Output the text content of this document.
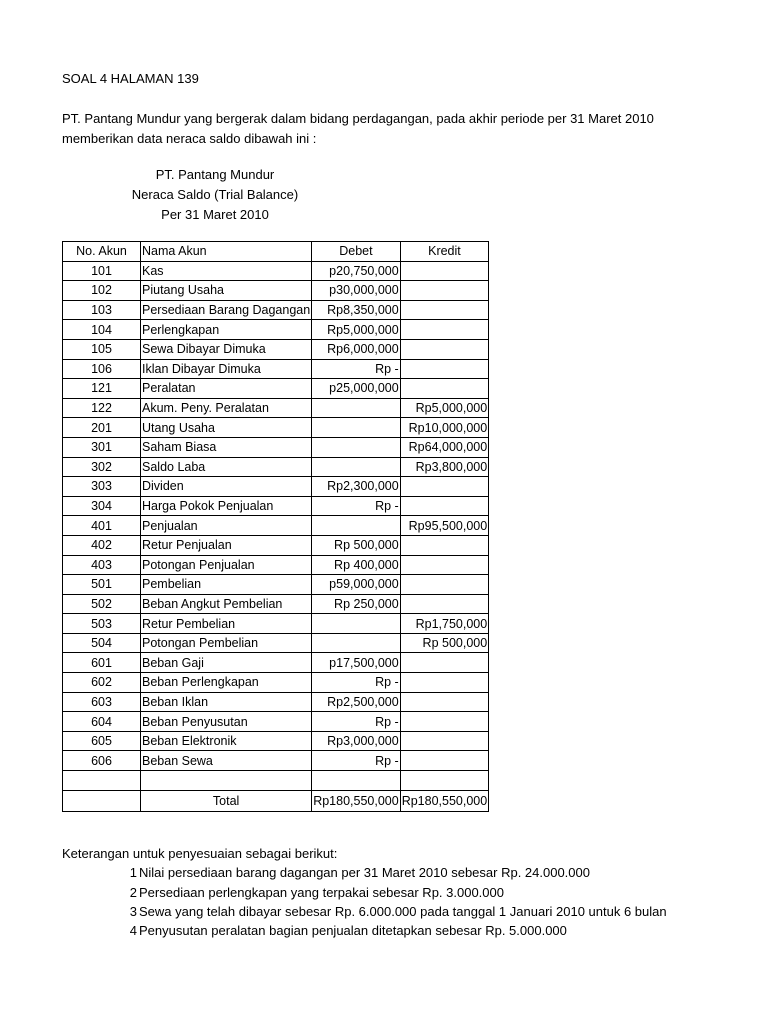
SOAL 4 HALAMAN 139
PT. Pantang Mundur yang bergerak dalam bidang perdagangan, pada akhir periode per 31 Maret 2010
memberikan data neraca saldo dibawah ini :
PT. Pantang Mundur
Neraca Saldo (Trial Balance)
Per 31 Maret 2010
No. Akun	Nama Akun	Debet	Kredit
101	Kas	p20,750,000	
102	Piutang Usaha	p30,000,000	
103	Persediaan Barang Dagangan	Rp8,350,000	
104	Perlengkapan	Rp5,000,000	
105	Sewa Dibayar Dimuka	Rp6,000,000	
106	Iklan Dibayar Dimuka	Rp -	
121	Peralatan	p25,000,000	
122	Akum. Peny. Peralatan		Rp5,000,000
201	Utang Usaha		Rp10,000,000
301	Saham Biasa		Rp64,000,000
302	Saldo Laba		Rp3,800,000
303	Dividen	Rp2,300,000	
304	Harga Pokok Penjualan	Rp -	
401	Penjualan		Rp95,500,000
402	Retur Penjualan	Rp 500,000	
403	Potongan Penjualan	Rp 400,000	
501	Pembelian	p59,000,000	
502	Beban Angkut Pembelian	Rp 250,000	
503	Retur Pembelian		Rp1,750,000
504	Potongan Pembelian		Rp 500,000
601	Beban Gaji	p17,500,000	
602	Beban Perlengkapan	Rp -	
603	Beban Iklan	Rp2,500,000	
604	Beban Penyusutan	Rp -	
605	Beban Elektronik	Rp3,000,000	
606	Beban Sewa	Rp -	

	Total	Rp180,550,000	Rp180,550,000
Keterangan untuk penyesuaian sebagai berikut:
1 Nilai persediaan barang dagangan per 31 Maret 2010 sebesar Rp. 24.000.000
2 Persediaan perlengkapan yang terpakai sebesar Rp. 3.000.000
3 Sewa yang telah dibayar sebesar Rp. 6.000.000 pada tanggal 1 Januari 2010 untuk 6 bulan
4 Penyusutan peralatan bagian penjualan ditetapkan sebesar Rp. 5.000.000
